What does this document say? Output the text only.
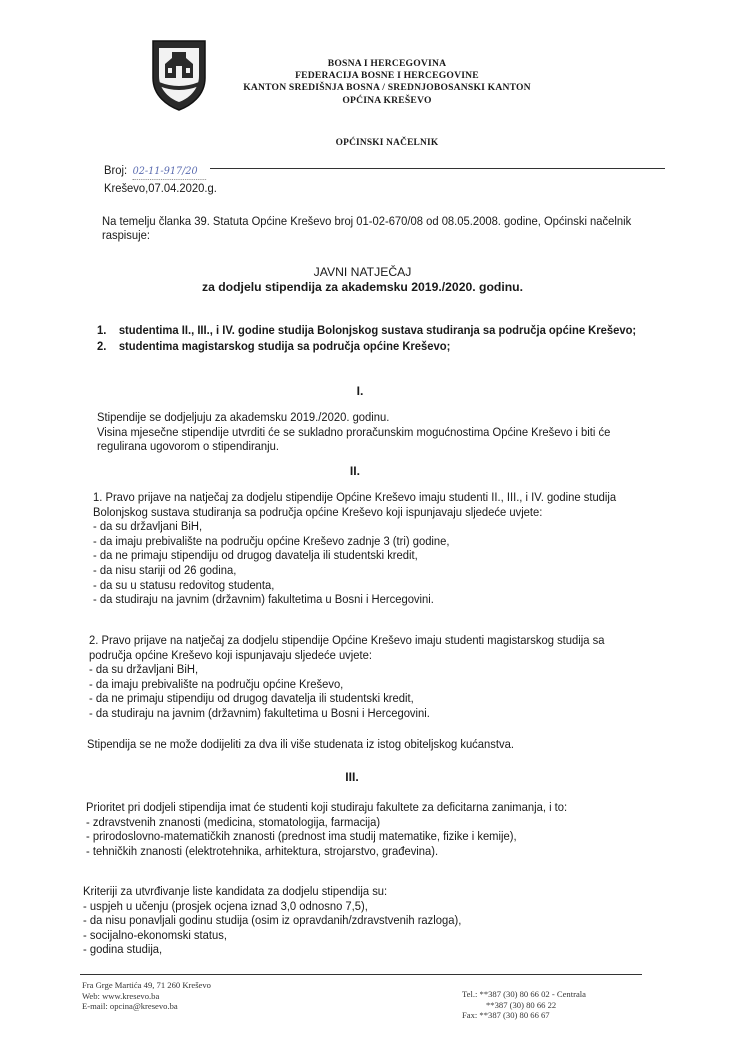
BOSNA I HERCEGOVINA
FEDERACIJA BOSNE I HERCEGOVINE
KANTON SREDIŠNJA BOSNA / SREDNJOBOSANSKI KANTON
OPĆINA KREŠEVO
OPĆINSKI NAČELNIK
Broj: 02-11-917/20
Kreševo,07.04.2020.g.
Na temelju članka 39. Statuta Općine Kreševo broj 01-02-670/08 od 08.05.2008. godine, Općinski načelnik
raspisuje:
JAVNI NATJEČAJ
za dodjelu stipendija za akademsku 2019./2020. godinu.
1. studentima II., III., i IV. godine studija Bolonjskog sustava studiranja sa područja općine Kreševo;
2. studentima magistarskog studija sa područja općine Kreševo;
I.
Stipendije se dodjeljuju za akademsku 2019./2020. godinu.
Visina mjesečne stipendije utvrditi će se sukladno proračunskim mogućnostima Općine Kreševo i biti će
regulirana ugovorom o stipendiranju.
II.
1. Pravo prijave na natječaj za dodjelu stipendije Općine Kreševo imaju studenti II., III., i IV. godine studija
Bolonjskog sustava studiranja sa područja općine Kreševo koji ispunjavaju sljedeće uvjete:
- da su državljani BiH,
- da imaju prebivalište na području općine Kreševo zadnje 3 (tri) godine,
- da ne primaju stipendiju od drugog davatelja ili studentski kredit,
- da nisu stariji od 26 godina,
- da su u statusu redovitog studenta,
- da studiraju na javnim (državnim) fakultetima u Bosni i Hercegovini.
2. Pravo prijave na natječaj za dodjelu stipendije Općine Kreševo imaju studenti magistarskog studija sa
područja općine Kreševo koji ispunjavaju sljedeće uvjete:
- da su državljani BiH,
- da imaju prebivalište na području općine Kreševo,
- da ne primaju stipendiju od drugog davatelja ili studentski kredit,
- da studiraju na javnim (državnim) fakultetima u Bosni i Hercegovini.
Stipendija se ne može dodijeliti za dva ili više studenata iz istog obiteljskog kućanstva.
III.
Prioritet pri dodjeli stipendija imat će studenti koji studiraju fakultete za deficitarna zanimanja, i to:
- zdravstvenih znanosti (medicina, stomatologija, farmacija)
- prirodoslovno-matematičkih znanosti (prednost ima studij matematike, fizike i kemije),
- tehničkih znanosti (elektrotehnika, arhitektura, strojarstvo, građevina).
Kriteriji za utvrđivanje liste kandidata za dodjelu stipendija su:
- uspjeh u učenju (prosjek ocjena iznad 3,0 odnosno 7,5),
- da nisu ponavljali godinu studija (osim iz opravdanih/zdravstvenih razloga),
- socijalno-ekonomski status,
- godina studija,
Fra Grge Martića 49, 71 260 Kreševo
Web: www.kresevo.ba
E-mail: opcina@kresevo.ba
Tel.: **387 (30) 80 66 02 - Centrala
**387 (30) 80 66 22
Fax: **387 (30) 80 66 67
